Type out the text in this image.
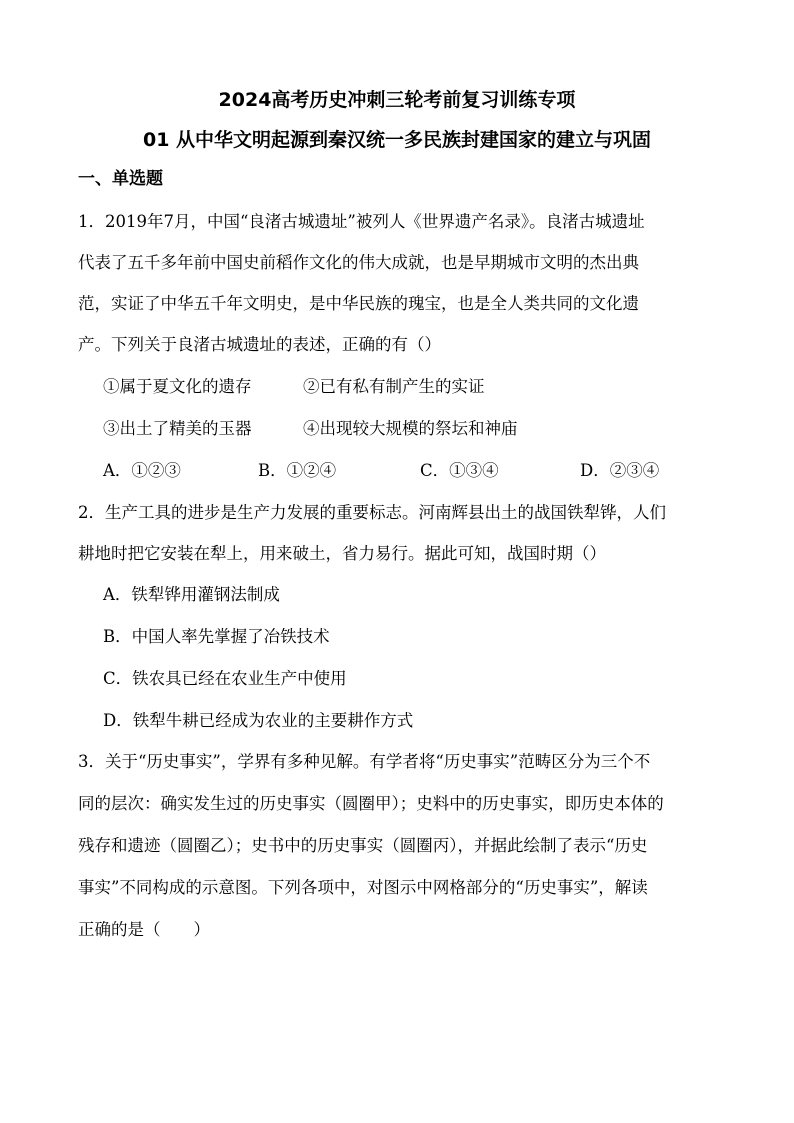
2024高考历史冲刺三轮考前复习训练专项
01 从中华文明起源到秦汉统一多民族封建国家的建立与巩固
一、单选题
1．2019年7月，中国“良渚古城遗址”被列人《世界遗产名录》。良渚古城遗址
代表了五千多年前中国史前稻作文化的伟大成就，也是早期城市文明的杰出典
范，实证了中华五千年文明史，是中华民族的瑰宝，也是全人类共同的文化遗
产。下列关于良渚古城遗址的表述，正确的有（）
①属于夏文化的遗存	②已有私有制产生的实证
③出土了精美的玉器	④出现较大规模的祭坛和神庙
A．①②③	B．①②④	C．①③④	D．②③④
2．生产工具的进步是生产力发展的重要标志。河南辉县出土的战国铁犁铧，人们
耕地时把它安装在犁上，用来破土，省力易行。据此可知，战国时期（）
A．铁犁铧用灌钢法制成
B．中国人率先掌握了冶铁技术
C．铁农具已经在农业生产中使用
D．铁犁牛耕已经成为农业的主要耕作方式
3．关于“历史事实”，学界有多种见解。有学者将“历史事实”范畴区分为三个不
同的层次：确实发生过的历史事实（圆圈甲）；史料中的历史事实，即历史本体的
残存和遗迹（圆圈乙）；史书中的历史事实（圆圈丙），并据此绘制了表示“历史
事实”不同构成的示意图。下列各项中，对图示中网格部分的“历史事实”，解读
正确的是（　　）
